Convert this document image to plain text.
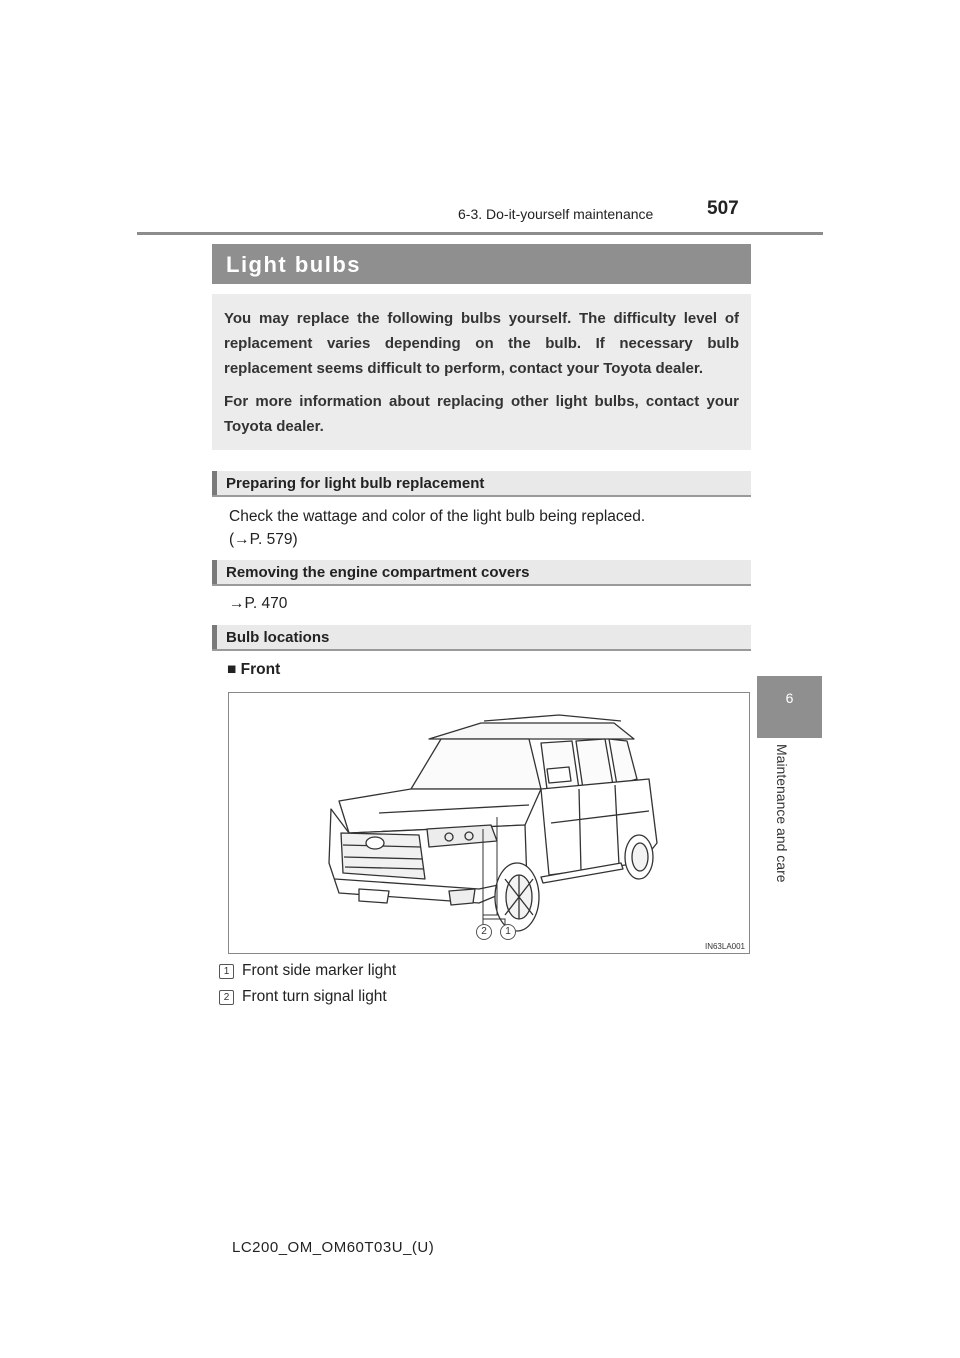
6-3. Do-it-yourself maintenance	507
6
Maintenance and care
Light bulbs

You may replace the following bulbs yourself. The difficulty level of replacement varies depending on the bulb. If necessary bulb replacement seems difficult to perform, contact your Toyota dealer.

For more information about replacing other light bulbs, contact your Toyota dealer.

Preparing for light bulb replacement
Check the wattage and color of the light bulb being replaced.
(→P. 579)
Removing the engine compartment covers
→P. 470
Bulb locations
■ Front
2	1
IN63LA001
1 Front side marker light
2 Front turn signal light
LC200_OM_OM60T03U_(U)
